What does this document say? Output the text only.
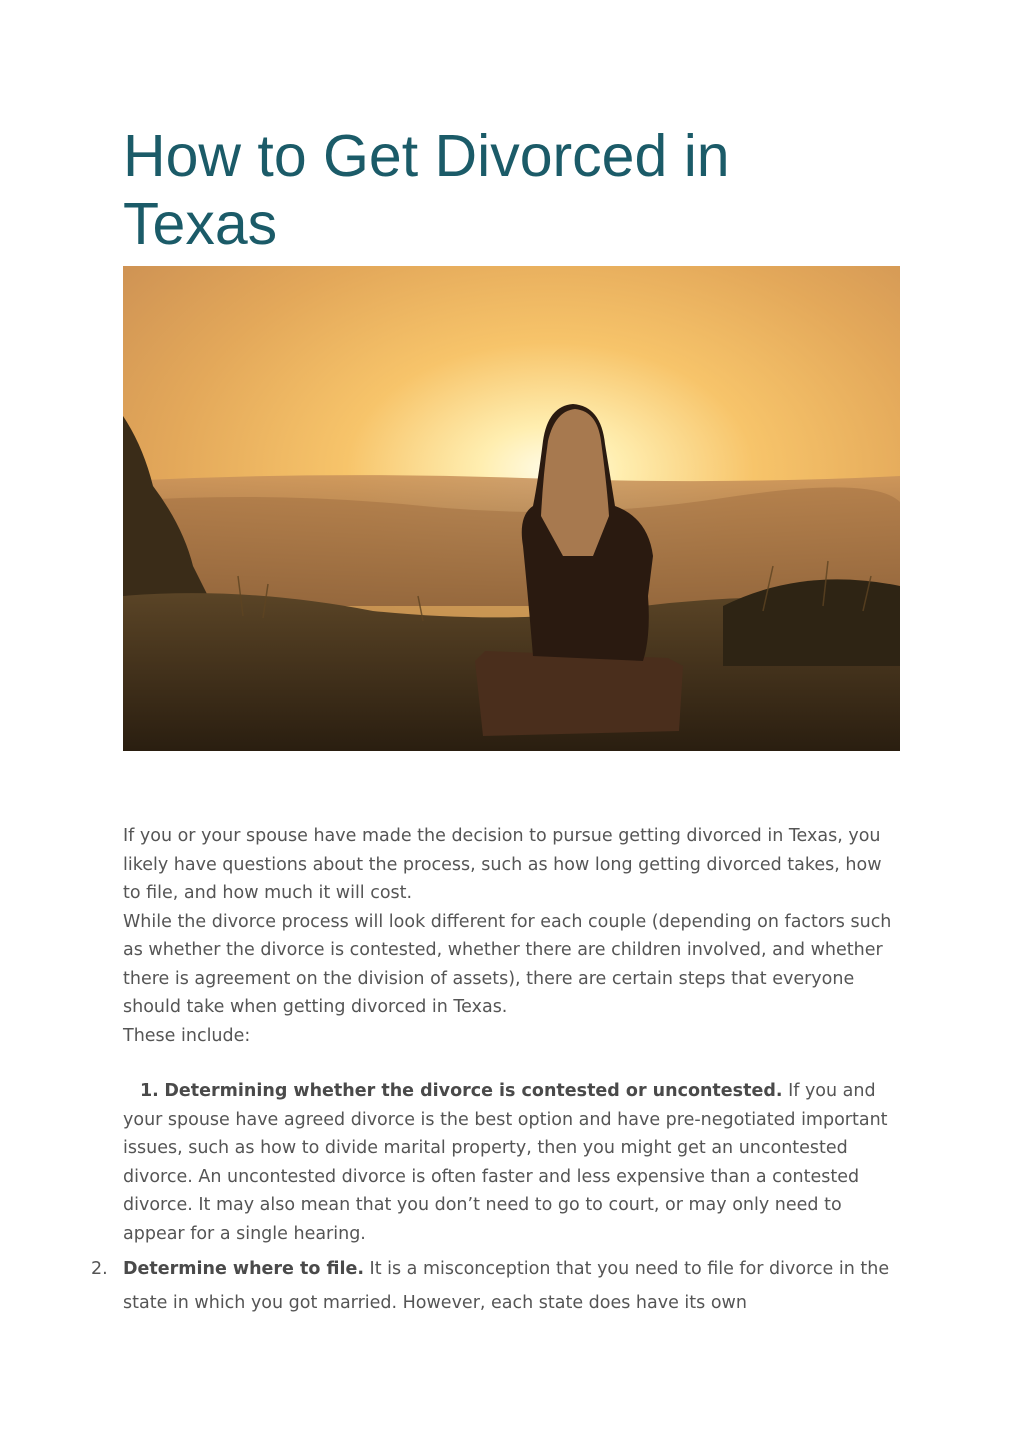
How to Get Divorced in Texas

If you or your spouse have made the decision to pursue getting divorced in Texas, you likely have questions about the process, such as how long getting divorced takes, how to file, and how much it will cost.

While the divorce process will look different for each couple (depending on factors such as whether the divorce is contested, whether there are children involved, and whether there is agreement on the division of assets), there are certain steps that everyone should take when getting divorced in Texas.

These include:

1. Determining whether the divorce is contested or uncontested. If you and your spouse have agreed divorce is the best option and have pre-negotiated important issues, such as how to divide marital property, then you might get an uncontested divorce. An uncontested divorce is often faster and less expensive than a contested divorce. It may also mean that you don’t need to go to court, or may only need to appear for a single hearing.

2. Determine where to file. It is a misconception that you need to file for divorce in the state in which you got married. However, each state does have its own
